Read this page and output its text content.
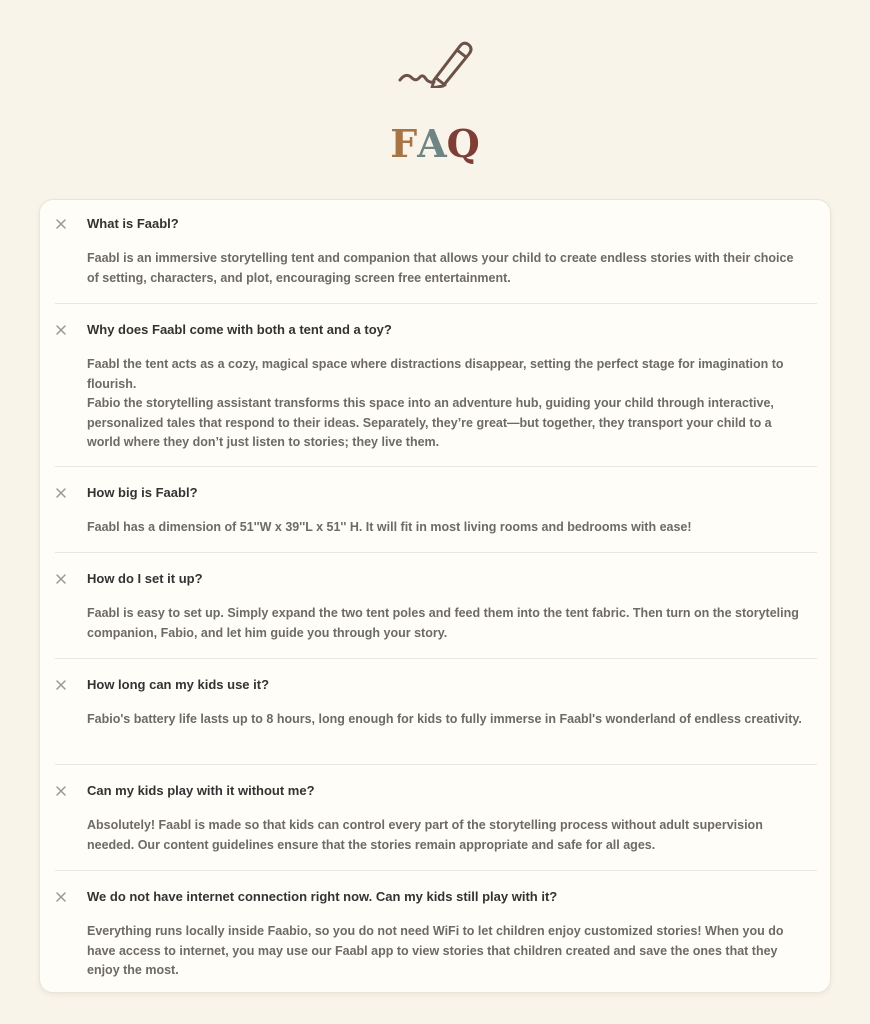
FAQ
What is Faabl?

Faabl is an immersive storytelling tent and companion that allows your child to create endless stories with their choice of setting, characters, and plot, encouraging screen free entertainment.

Why does Faabl come with both a tent and a toy?

Faabl the tent acts as a cozy, magical space where distractions disappear, setting the perfect stage for imagination to flourish.

Fabio the storytelling assistant transforms this space into an adventure hub, guiding your child through interactive, personalized tales that respond to their ideas. Separately, they’re great—but together, they transport your child to a world where they don’t just listen to stories; they live them.

How big is Faabl?

Faabl has a dimension of 51''W x 39''L x 51'' H. It will fit in most living rooms and bedrooms with ease!

How do I set it up?

Faabl is easy to set up. Simply expand the two tent poles and feed them into the tent fabric. Then turn on the storyteling companion, Fabio, and let him guide you through your story.

How long can my kids use it?

Fabio's battery life lasts up to 8 hours, long enough for kids to fully immerse in Faabl's wonderland of endless creativity.

Can my kids play with it without me?

Absolutely! Faabl is made so that kids can control every part of the storytelling process without adult supervision needed. Our content guidelines ensure that the stories remain appropriate and safe for all ages.

We do not have internet connection right now. Can my kids still play with it?

Everything runs locally inside Faabio, so you do not need WiFi to let children enjoy customized stories! When you do have access to internet, you may use our Faabl app to view stories that children created and save the ones that they enjoy the most.
